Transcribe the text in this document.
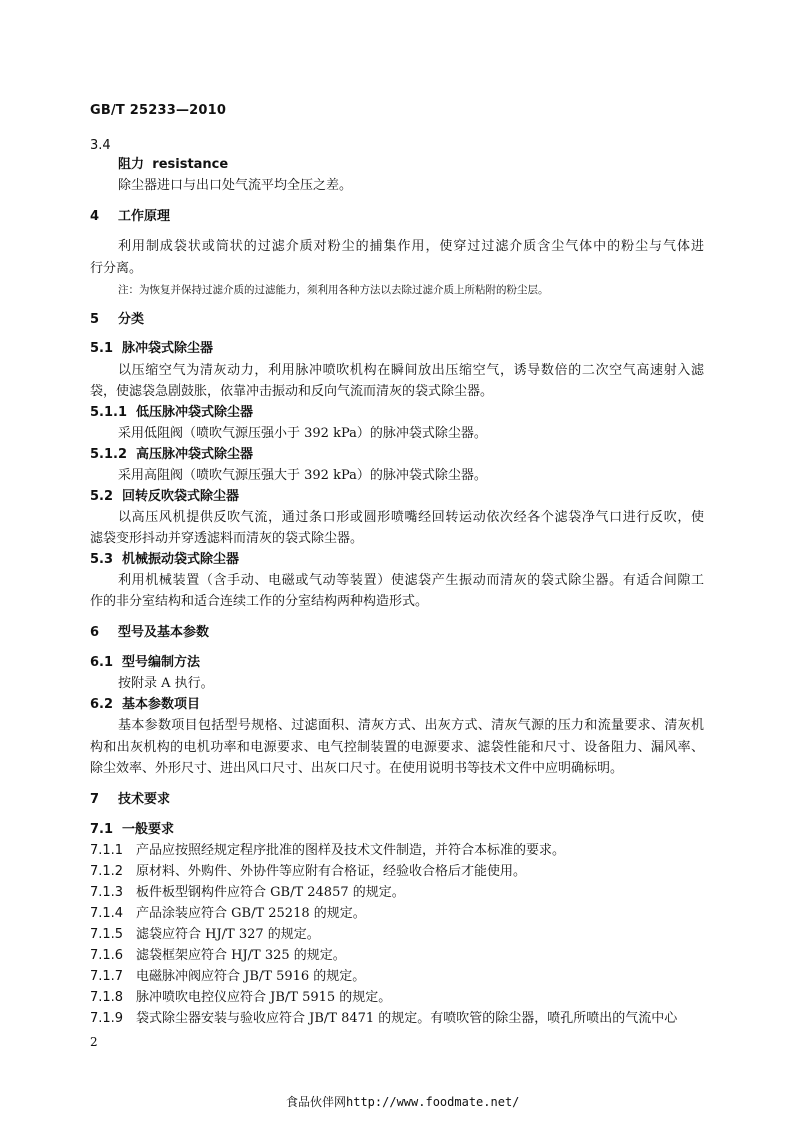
GB/T 25233—2010
3.4
阻力 resistance
除尘器进口与出口处气流平均全压之差。
4 工作原理
利用制成袋状或筒状的过滤介质对粉尘的捕集作用，使穿过过滤介质含尘气体中的粉尘与气体进
行分离。
注：为恢复并保持过滤介质的过滤能力，须利用各种方法以去除过滤介质上所粘附的粉尘层。
5 分类
5.1 脉冲袋式除尘器
以压缩空气为清灰动力，利用脉冲喷吹机构在瞬间放出压缩空气，诱导数倍的二次空气高速射入滤
袋，使滤袋急剧鼓胀，依靠冲击振动和反向气流而清灰的袋式除尘器。
5.1.1 低压脉冲袋式除尘器
采用低阻阀（喷吹气源压强小于 392 kPa）的脉冲袋式除尘器。
5.1.2 高压脉冲袋式除尘器
采用高阻阀（喷吹气源压强大于 392 kPa）的脉冲袋式除尘器。
5.2 回转反吹袋式除尘器
以高压风机提供反吹气流，通过条口形或圆形喷嘴经回转运动依次经各个滤袋净气口进行反吹，使
滤袋变形抖动并穿透滤料而清灰的袋式除尘器。
5.3 机械振动袋式除尘器
利用机械装置（含手动、电磁或气动等装置）使滤袋产生振动而清灰的袋式除尘器。有适合间隙工
作的非分室结构和适合连续工作的分室结构两种构造形式。
6 型号及基本参数
6.1 型号编制方法
按附录 A 执行。
6.2 基本参数项目
基本参数项目包括型号规格、过滤面积、清灰方式、出灰方式、清灰气源的压力和流量要求、清灰机
构和出灰机构的电机功率和电源要求、电气控制装置的电源要求、滤袋性能和尺寸、设备阻力、漏风率、
除尘效率、外形尺寸、进出风口尺寸、出灰口尺寸。在使用说明书等技术文件中应明确标明。
7 技术要求
7.1 一般要求
7.1.1 产品应按照经规定程序批准的图样及技术文件制造，并符合本标准的要求。
7.1.2 原材料、外购件、外协件等应附有合格证，经验收合格后才能使用。
7.1.3 板件板型钢构件应符合 GB/T 24857 的规定。
7.1.4 产品涂装应符合 GB/T 25218 的规定。
7.1.5 滤袋应符合 HJ/T 327 的规定。
7.1.6 滤袋框架应符合 HJ/T 325 的规定。
7.1.7 电磁脉冲阀应符合 JB/T 5916 的规定。
7.1.8 脉冲喷吹电控仪应符合 JB/T 5915 的规定。
7.1.9 袋式除尘器安装与验收应符合 JB/T 8471 的规定。有喷吹管的除尘器，喷孔所喷出的气流中心
2
食品伙伴网http://www.foodmate.net/
